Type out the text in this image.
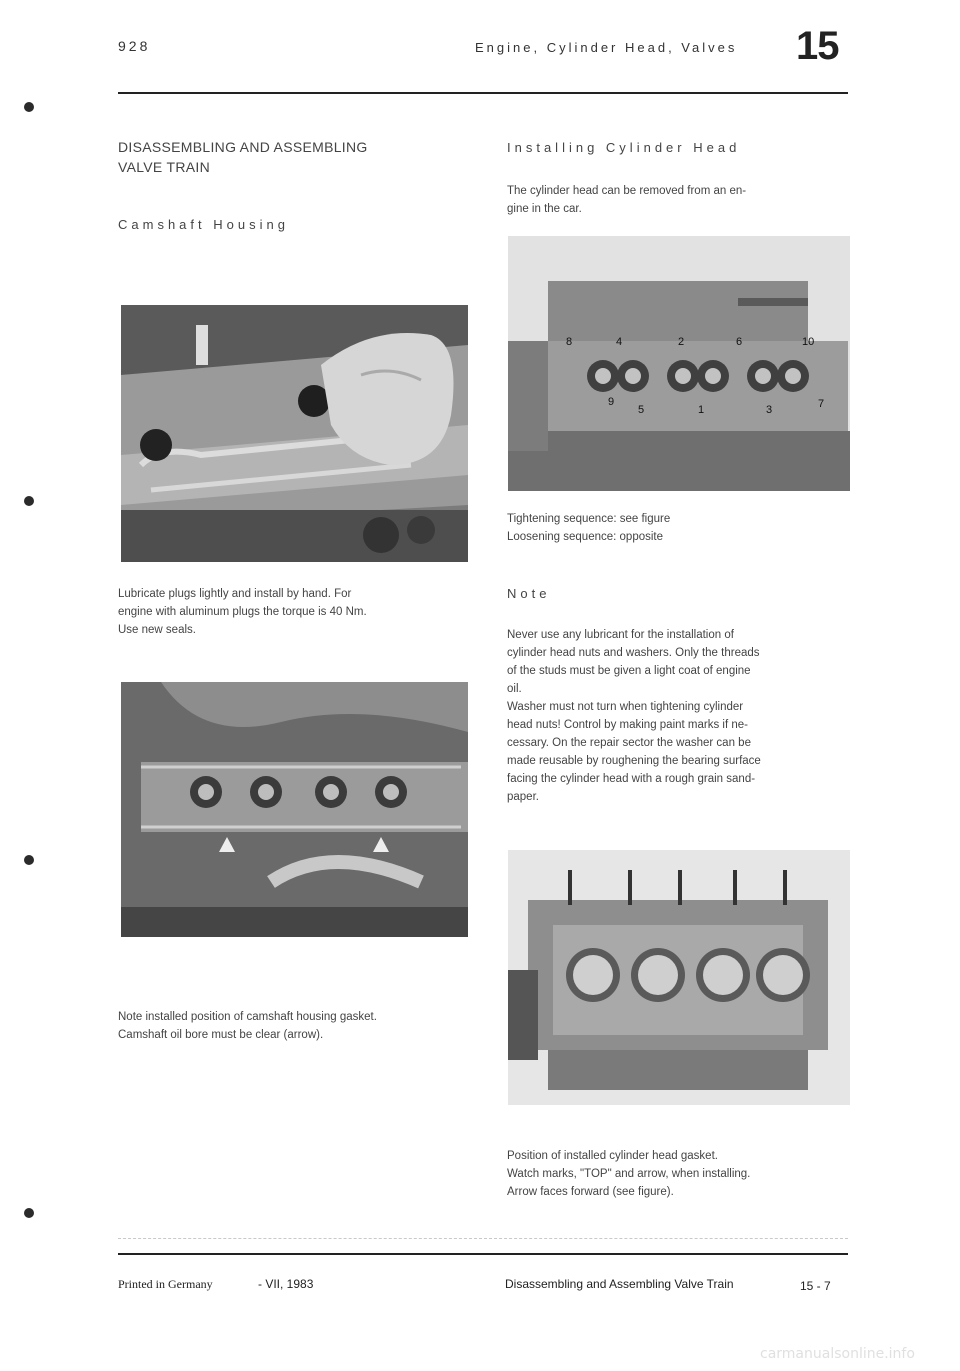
928	Engine, Cylinder Head, Valves 15
DISASSEMBLING AND ASSEMBLING
VALVE TRAIN
Camshaft Housing
Lubricate plugs lightly and install by hand. For
engine with aluminum plugs the torque is 40 Nm.
Use new seals.
Note installed position of camshaft housing gasket.
Camshaft oil bore must be clear (arrow).
Installing Cylinder Head
The cylinder head can be removed from an en-
gine in the car.
8	4	2	6	10
9
5	1	3	7
Tightening sequence: see figure
Loosening sequence: opposite
Note
Never use any lubricant for the installation of
cylinder head nuts and washers. Only the threads
of the studs must be given a light coat of engine
oil.
Washer must not turn when tightening cylinder
head nuts! Control by making paint marks if ne-
cessary. On the repair sector the washer can be
made reusable by roughening the bearing surface
facing the cylinder head with a rough grain sand-
paper.
Position of installed cylinder head gasket.
Watch marks, "TOP" and arrow, when installing.
Arrow faces forward (see figure).
Printed in Germany	- VII, 1983	Disassembling and Assembling Valve Train	15 - 7
carmanualsonline.info
